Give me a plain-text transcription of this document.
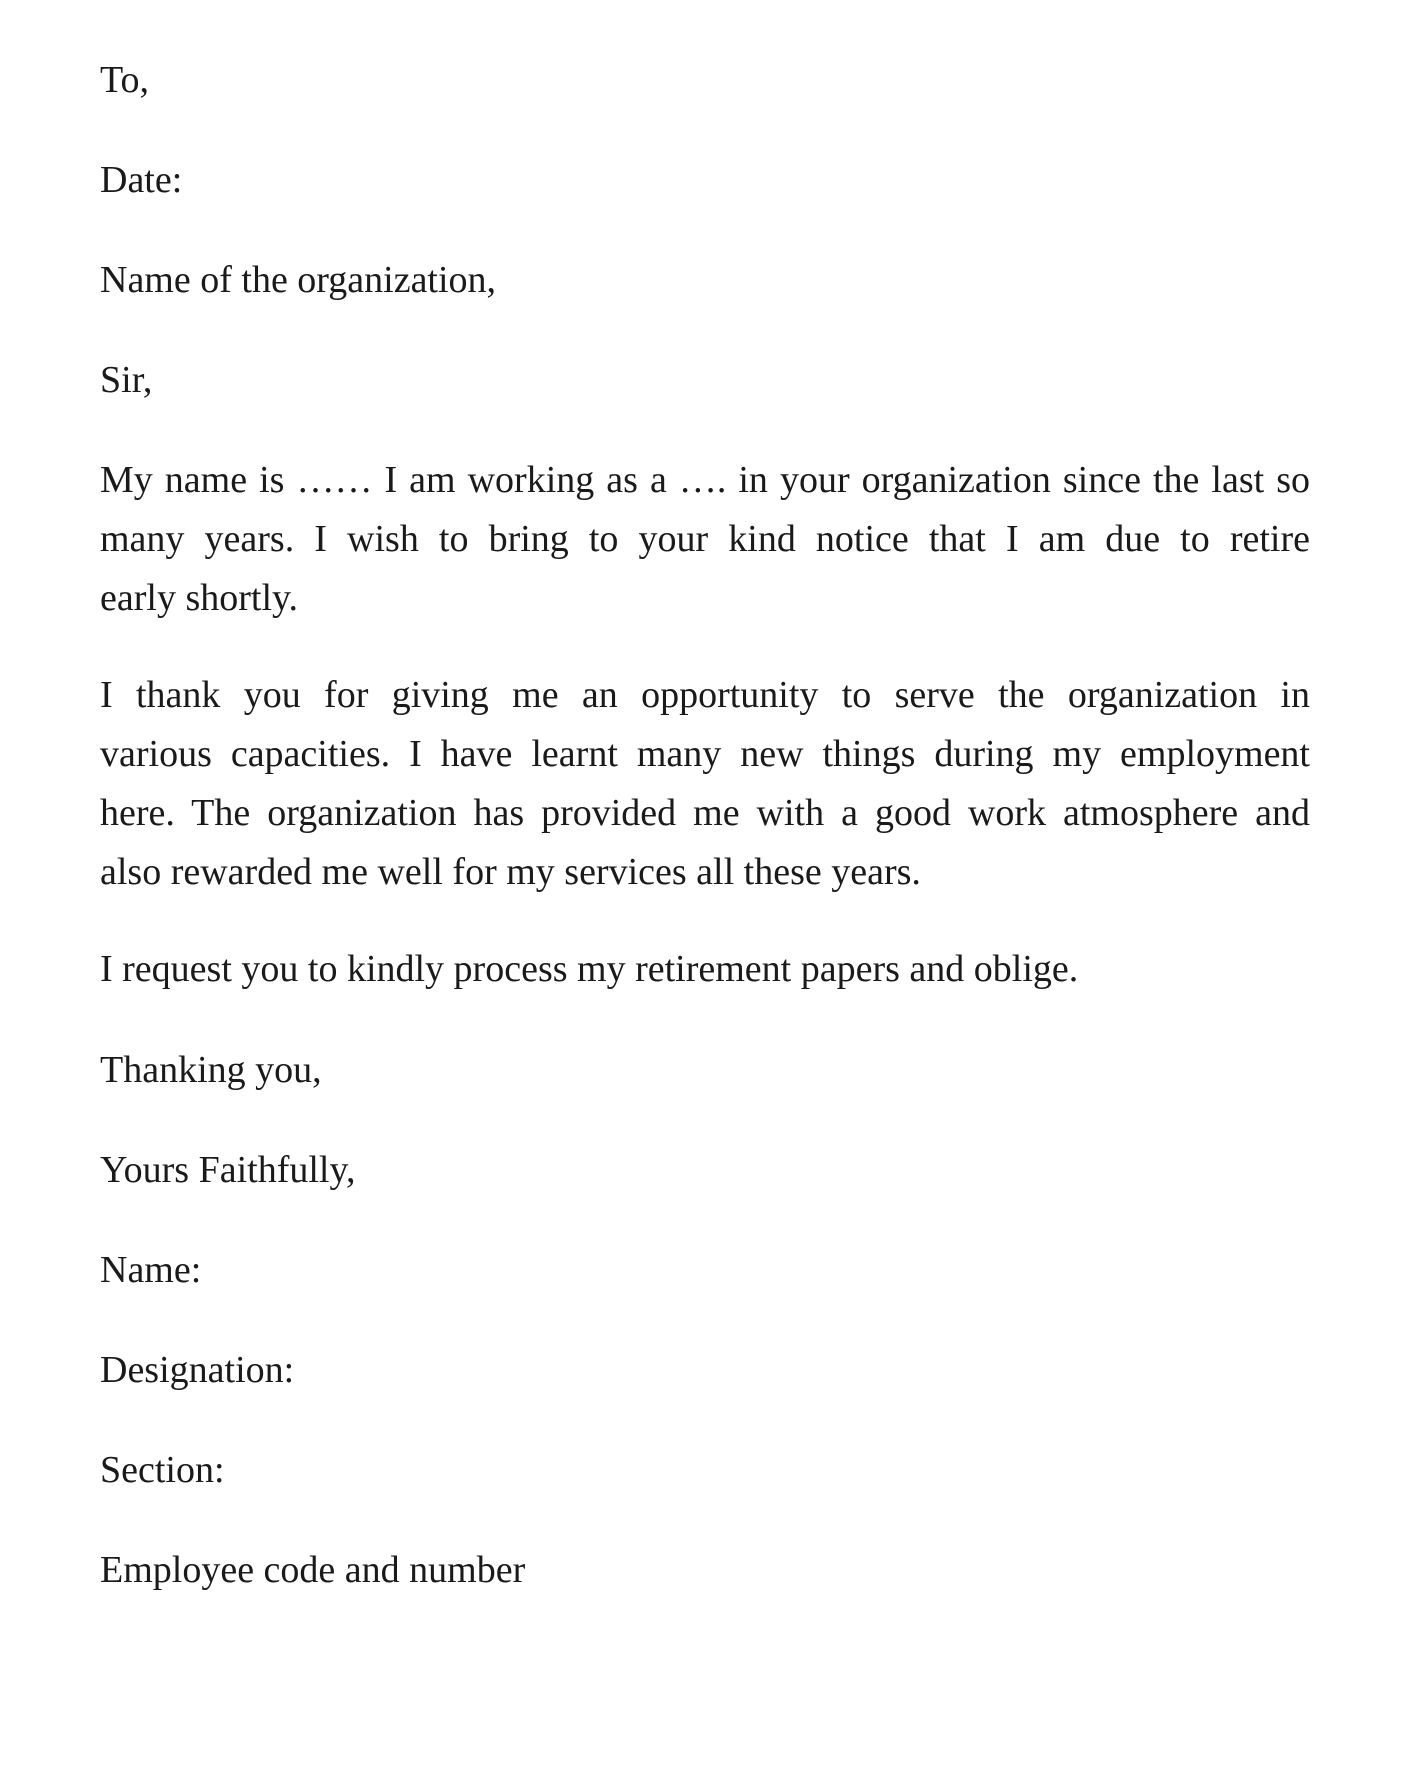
To,
Date:
Name of the organization,
Sir,
My name is …… I am working as a …. in your organization since the last so
many years. I wish to bring to your kind notice that I am due to retire
early shortly.
I thank you for giving me an opportunity to serve the organization in
various capacities. I have learnt many new things during my employment
here. The organization has provided me with a good work atmosphere and
also rewarded me well for my services all these years.
I request you to kindly process my retirement papers and oblige.
Thanking you,
Yours Faithfully,
Name:
Designation:
Section:
Employee code and number
